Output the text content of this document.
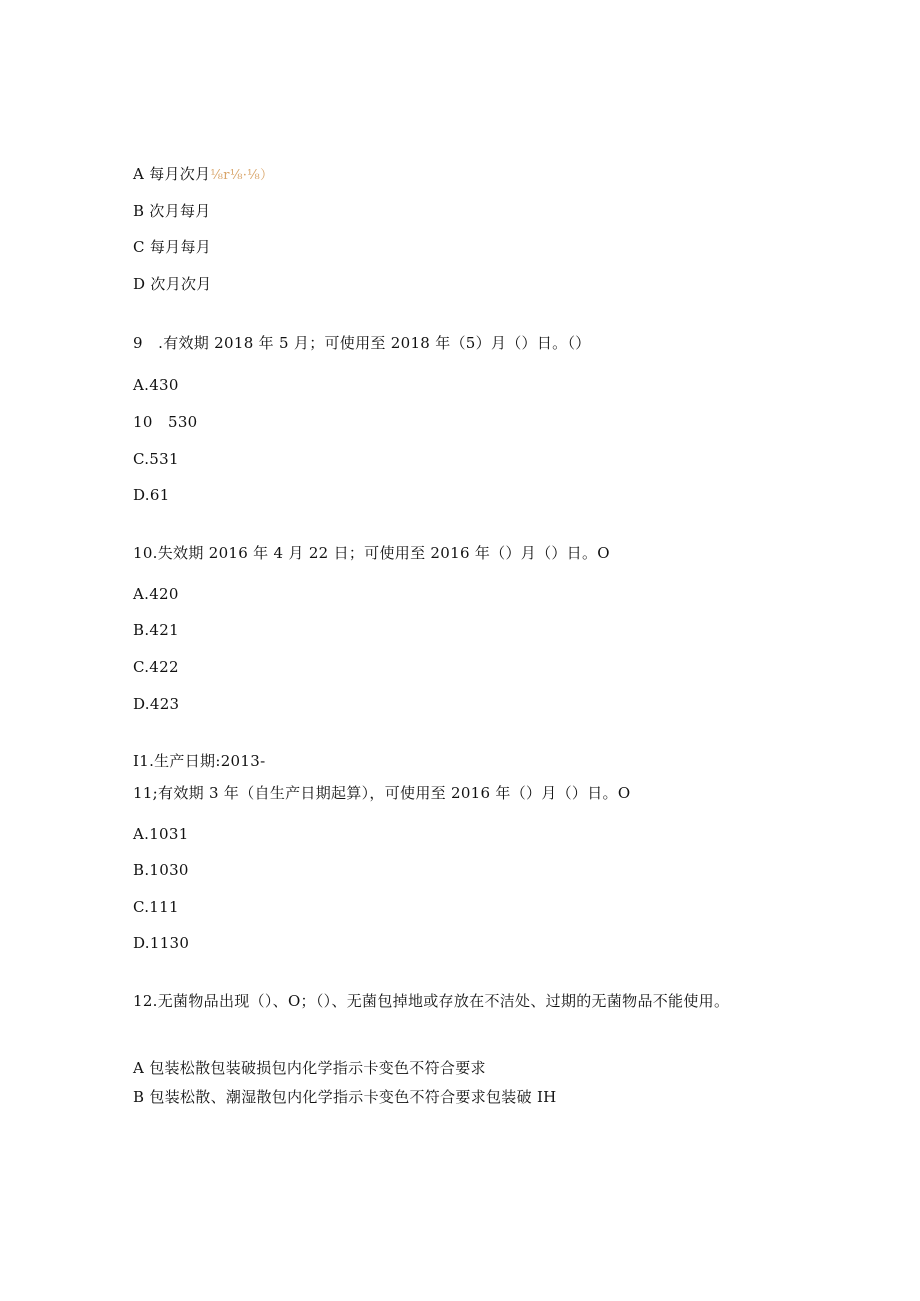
A 每月次月⅛r⅛·⅛）
B 次月每月
C 每月每月
D 次月次月
9　.有效期 2018 年 5 月；可使用至 2018 年（5）月（）日。（）
A.430
10　530
C.531
D.61
10.失效期 2016 年 4 月 22 日；可使用至 2016 年（）月（）日。O
A.420
B.421
C.422
D.423
I1.生产日期:2013-
11;有效期 3 年（自生产日期起算），可使用至 2016 年（）月（）日。O
A.1031
B.1030
C.111
D.1130
12.无菌物品出现（）、O；（）、无菌包掉地或存放在不洁处、过期的无菌物品不能使用。
A 包装松散包装破损包内化学指示卡变色不符合要求
B 包装松散、潮湿散包内化学指示卡变色不符合要求包装破 IH
